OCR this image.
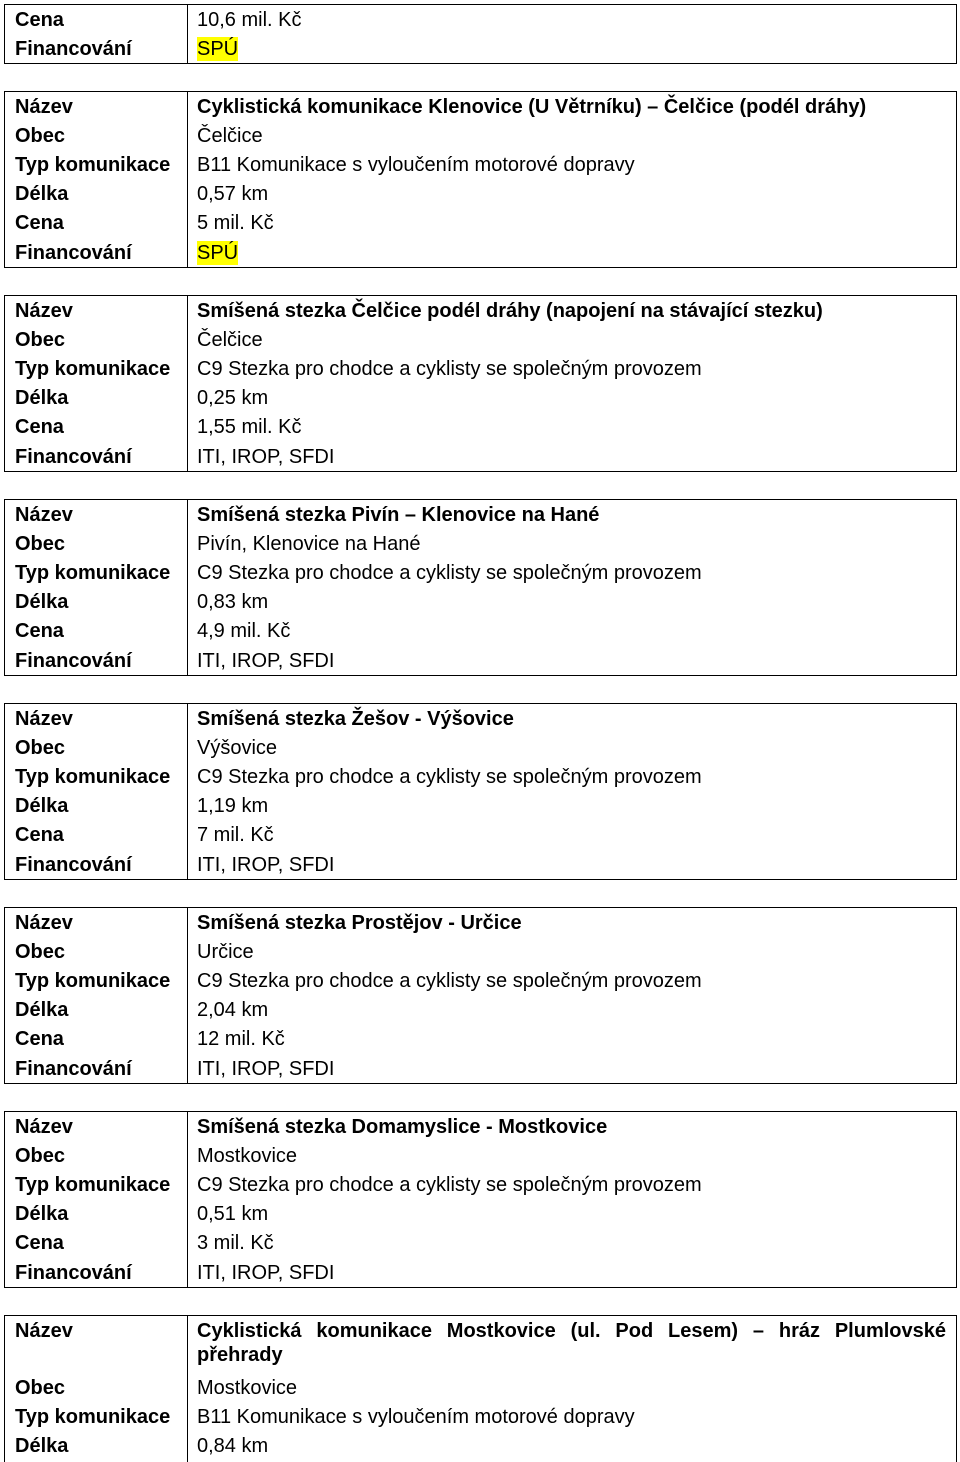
Cena	10,6 mil. Kč
Financování	SPÚ
Název	Cyklistická komunikace Klenovice (U Větrníku) – Čelčice (podél dráhy)
Obec	Čelčice
Typ komunikace	B11 Komunikace s vyloučením motorové dopravy
Délka	0,57 km
Cena	5 mil. Kč
Financování	SPÚ
Název	Smíšená stezka Čelčice podél dráhy (napojení na stávající stezku)
Obec	Čelčice
Typ komunikace	C9 Stezka pro chodce a cyklisty se společným provozem
Délka	0,25 km
Cena	1,55 mil. Kč
Financování	ITI, IROP, SFDI
Název	Smíšená stezka Pivín – Klenovice na Hané
Obec	Pivín, Klenovice na Hané
Typ komunikace	C9 Stezka pro chodce a cyklisty se společným provozem
Délka	0,83 km
Cena	4,9 mil. Kč
Financování	ITI, IROP, SFDI
Název	Smíšená stezka Žešov - Výšovice
Obec	Výšovice
Typ komunikace	C9 Stezka pro chodce a cyklisty se společným provozem
Délka	1,19 km
Cena	7 mil. Kč
Financování	ITI, IROP, SFDI
Název	Smíšená stezka Prostějov - Určice
Obec	Určice
Typ komunikace	C9 Stezka pro chodce a cyklisty se společným provozem
Délka	2,04 km
Cena	12 mil. Kč
Financování	ITI, IROP, SFDI
Název	Smíšená stezka Domamyslice - Mostkovice
Obec	Mostkovice
Typ komunikace	C9 Stezka pro chodce a cyklisty se společným provozem
Délka	0,51 km
Cena	3 mil. Kč
Financování	ITI, IROP, SFDI
Název	Cyklistická komunikace Mostkovice (ul. Pod Lesem) – hráz Plumlovské přehrady
Obec	Mostkovice
Typ komunikace	B11 Komunikace s vyloučením motorové dopravy
Délka	0,84 km
